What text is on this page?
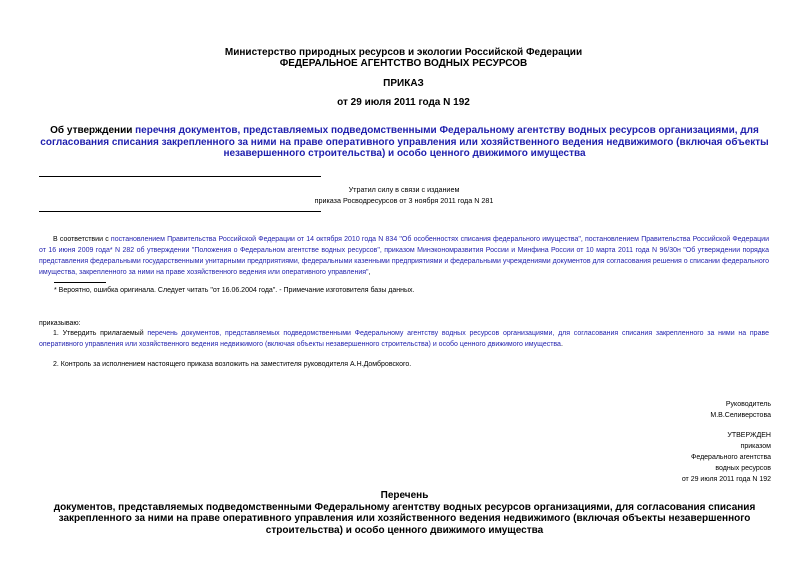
Министерство природных ресурсов и экологии Российской Федерации
ФЕДЕРАЛЬНОЕ АГЕНТСТВО ВОДНЫХ РЕСУРСОВ
ПРИКАЗ
от 29 июля 2011 года N 192
Об утверждении перечня документов, представляемых подведомственными Федеральному агентству водных ресурсов организациями, для согласования списания закрепленного за ними на праве оперативного управления или хозяйственного ведения недвижимого (включая объекты незавершенного строительства) и особо ценного движимого имущества
Утратил силу в связи с изданием
приказа Росводресурсов от 3 ноября 2011 года N 281
В соответствии с постановлением Правительства Российской Федерации от 14 октября 2010 года N 834 "Об особенностях списания федерального имущества", постановлением Правительства Российской Федерации от 16 июня 2009 года* N 282 об утверждении "Положения о Федеральном агентстве водных ресурсов", приказом Минэкономразвития России и Минфина России от 10 марта 2011 года N 96/30н "Об утверждении порядка представления федеральными государственными унитарными предприятиями, федеральными казенными предприятиями и федеральными учреждениями документов для согласования решения о списании федерального имущества, закрепленного за ними на праве хозяйственного ведения или оперативного управления",
* Вероятно, ошибка оригинала. Следует читать "от 16.06.2004 года". - Примечание изготовителя базы данных.
приказываю:
1. Утвердить прилагаемый перечень документов, представляемых подведомственными Федеральному агентству водных ресурсов организациями, для согласования списания закрепленного за ними на праве оперативного управления или хозяйственного ведения недвижимого (включая объекты незавершенного строительства) и особо ценного движимого имущества.
2. Контроль за исполнением настоящего приказа возложить на заместителя руководителя А.Н.Домбровского.
Руководитель
М.В.Селиверстова
УТВЕРЖДЕН
приказом
Федерального агентства
водных ресурсов
от 29 июля 2011 года N 192
Перечень
документов, представляемых подведомственными Федеральному агентству водных ресурсов организациями, для согласования списания закрепленного за ними на праве оперативного управления или хозяйственного ведения недвижимого (включая объекты незавершенного строительства) и особо ценного движимого имущества
